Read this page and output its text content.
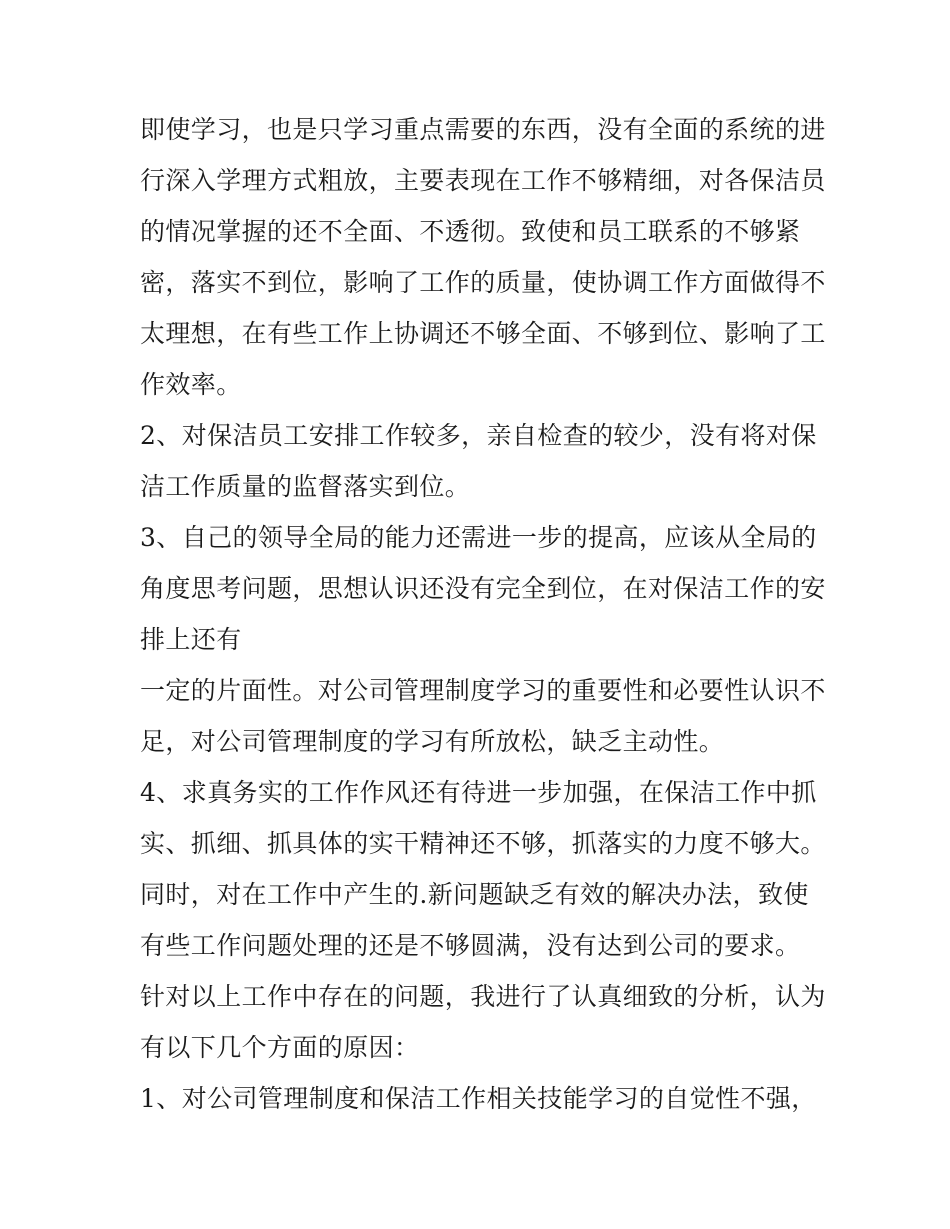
即使学习，也是只学习重点需要的东西，没有全面的系统的进
行深入学理方式粗放，主要表现在工作不够精细，对各保洁员
的情况掌握的还不全面、不透彻。致使和员工联系的不够紧
密，落实不到位，影响了工作的质量，使协调工作方面做得不
太理想，在有些工作上协调还不够全面、不够到位、影响了工
作效率。
2、对保洁员工安排工作较多，亲自检查的较少，没有将对保
洁工作质量的监督落实到位。
3、自己的领导全局的能力还需进一步的提高，应该从全局的
角度思考问题，思想认识还没有完全到位，在对保洁工作的安
排上还有
一定的片面性。对公司管理制度学习的重要性和必要性认识不
足，对公司管理制度的学习有所放松，缺乏主动性。
4、求真务实的工作作风还有待进一步加强，在保洁工作中抓
实、抓细、抓具体的实干精神还不够，抓落实的力度不够大。
同时，对在工作中产生的.新问题缺乏有效的解决办法，致使
有些工作问题处理的还是不够圆满，没有达到公司的要求。
针对以上工作中存在的问题，我进行了认真细致的分析，认为
有以下几个方面的原因：
1、对公司管理制度和保洁工作相关技能学习的自觉性不强，
